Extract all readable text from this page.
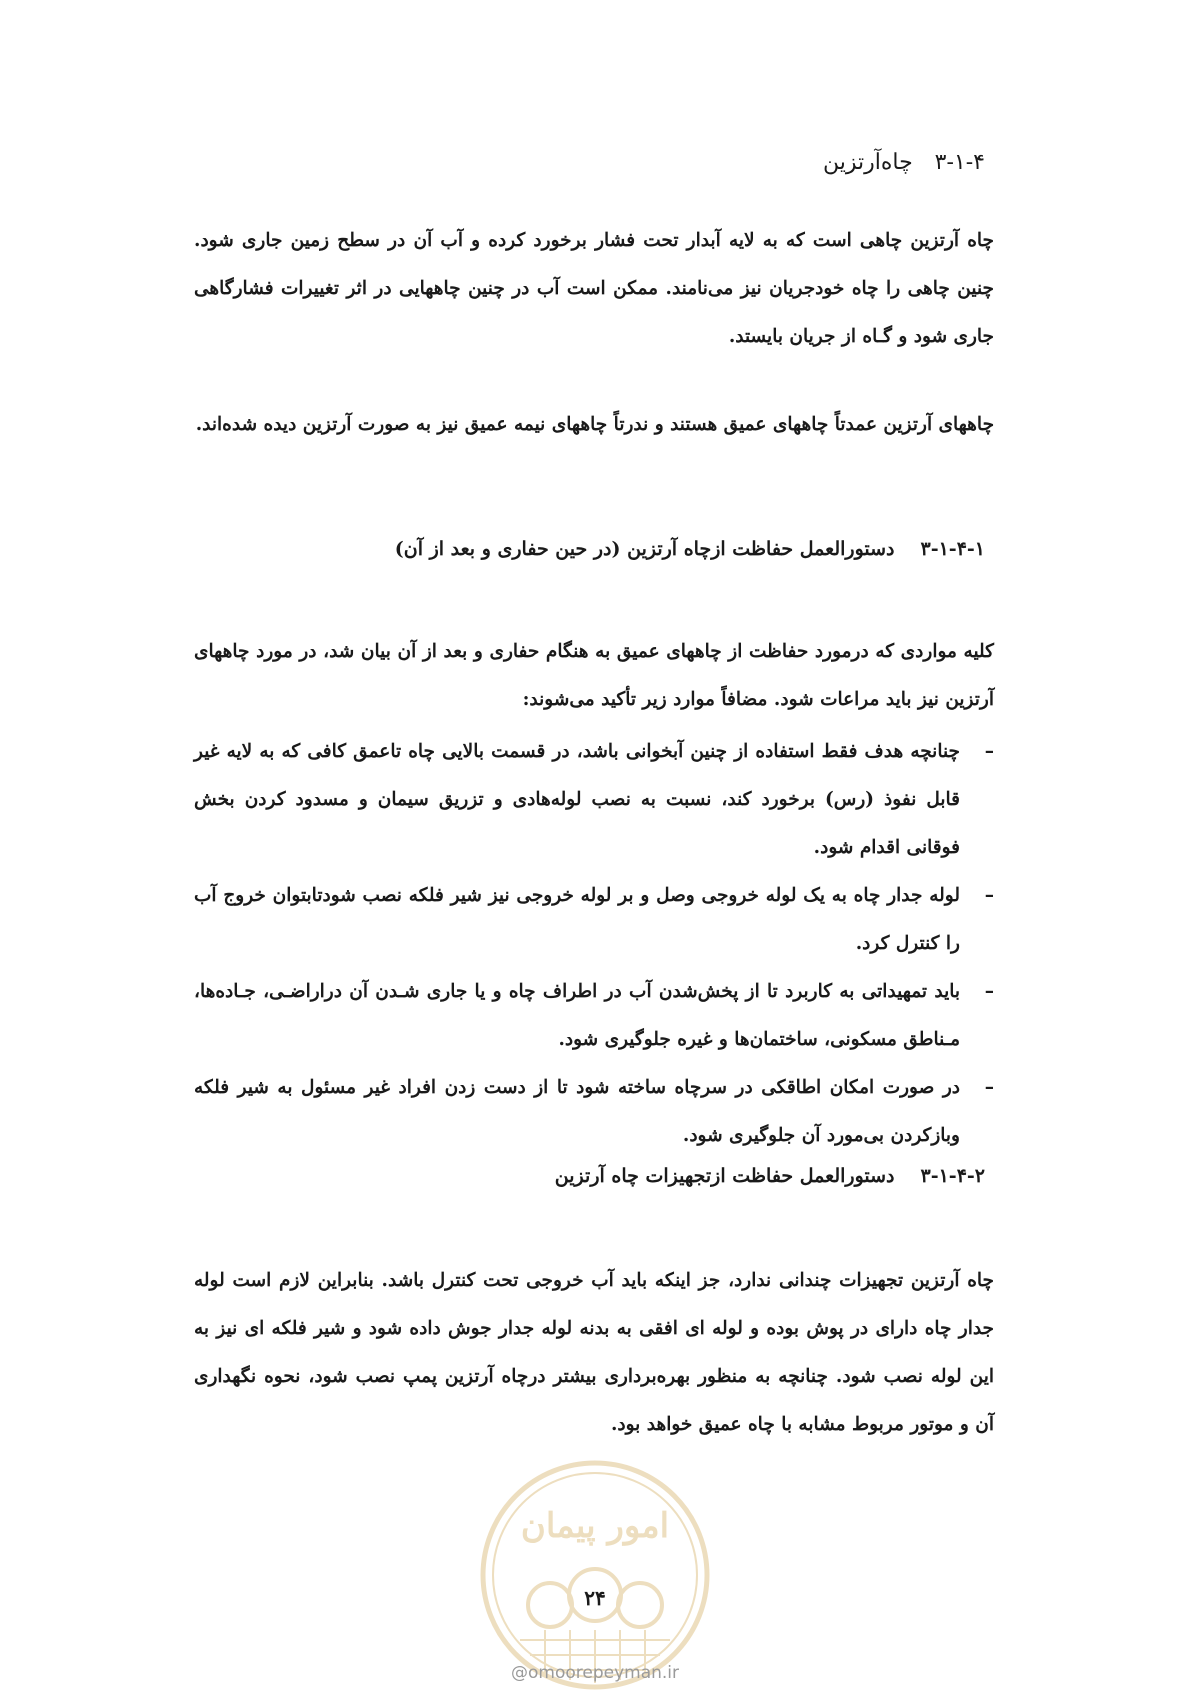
۳-۱-۴چاه‌آرتزین

چاه آرتزین چاهی است که به لایه آبدار تحت فشار برخورد کرده و آب آن در سطح زمین جاری شود. چنین چاهی را چاه خودجریان نیز می‌نامند. ممکن است آب در چنین چاههایی در اثر تغییرات فشارگاهی جاری شود و گـاه از جریان بایستد.

چاههای آرتزین عمدتاً چاههای عمیق هستند و ندرتاً چاههای نیمه عمیق نیز به صورت آرتزین دیده شده‌اند.

۳-۱-۴-۱دستورالعمل حفاظت ازچاه آرتزین (در حین حفاری و بعد از آن)

کلیه مواردی که درمورد حفاظت از چاههای عمیق به هنگام حفاری و بعد از آن بیان شد، در مورد چاههای آرتزین نیز باید مراعات شود. مضافاً موارد زیر تأکید می‌شوند:

–
چنانچه هدف فقط استفاده از چنین آبخوانی باشد، در قسمت بالایی چاه تاعمق کافی که به لایه غیر قابل نفوذ (رس) برخورد کند، نسبت به نصب لوله‌هادی و تزریق سیمان و مسدود کردن بخش فوقانی اقدام شود.
–
لوله جدار چاه به یک لوله خروجی وصل و بر لوله خروجی نیز شیر فلکه نصب شودتابتوان خروج آب را کنترل کرد.
–
باید تمهیداتی به کاربرد تا از پخش‌شدن آب در اطراف چاه و یا جاری شـدن آن دراراضـی، جـاده‌ها، مـناطق مسکونی، ساختمان‌ها و غیره جلوگیری شود.
–
در صورت امکان اطاقکی در سرچاه ساخته شود تا از دست زدن افراد غیر مسئول به شیر فلکه وبازکردن بی‌مورد آن جلوگیری شود.
۳-۱-۴-۲دستورالعمل حفاظت ازتجهیزات چاه آرتزین

چاه آرتزین تجهیزات چندانی ندارد، جز اینکه باید آب خروجی تحت کنترل باشد. بنابراین لازم است لوله جدار چاه دارای در پوش بوده و لوله ای افقی به بدنه لوله جدار جوش داده شود و شیر فلکه ای نیز به این لوله نصب شود. چنانچه به منظور بهره‌برداری بیشتر درچاه آرتزین پمپ نصب شود، نحوه نگهداری آن و موتور مربوط مشابه با چاه عمیق خواهد بود.

امور پیمان
۲۴
@omoorepeyman.ir
